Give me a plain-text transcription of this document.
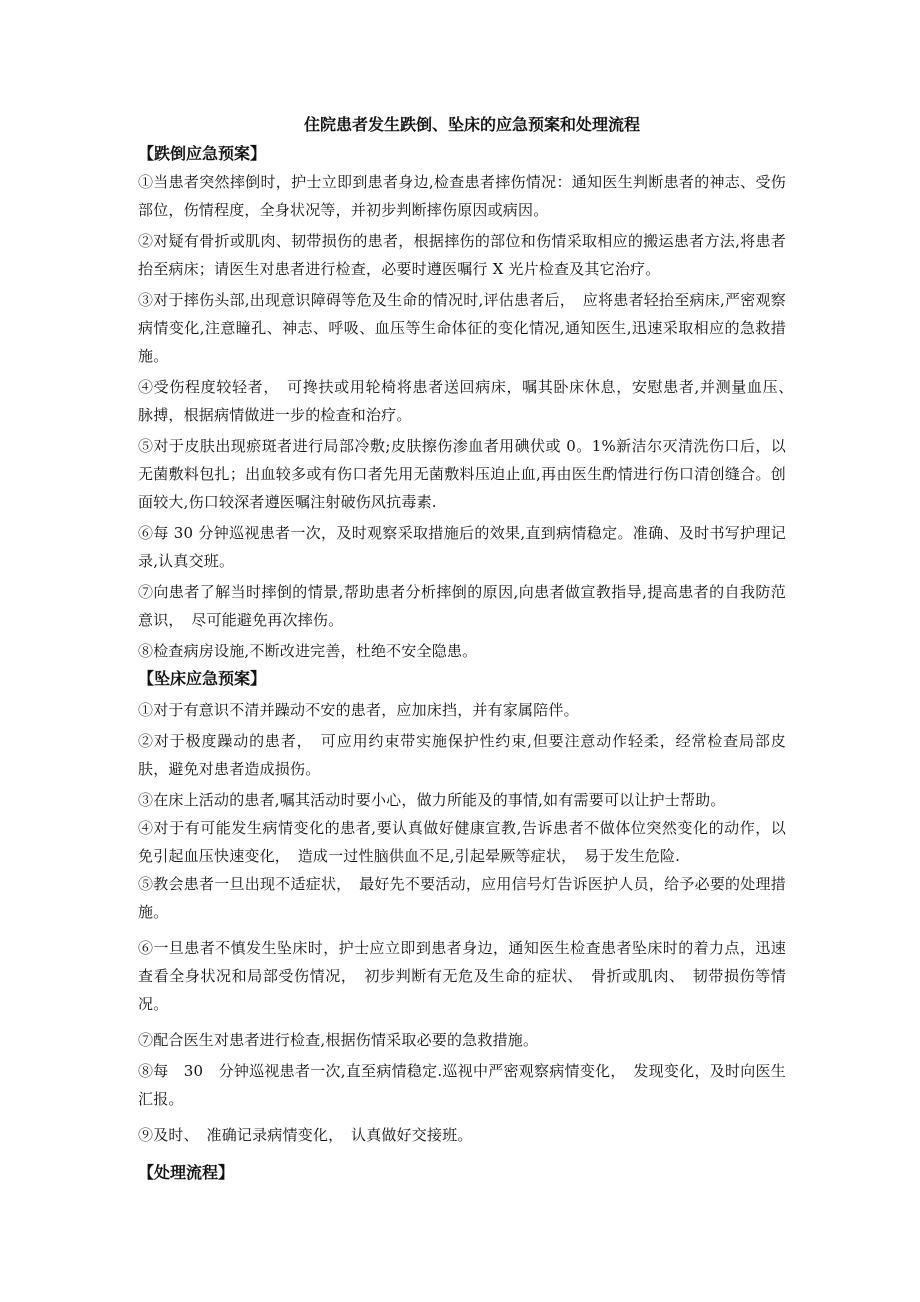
住院患者发生跌倒、坠床的应急预案和处理流程
【跌倒应急预案】

①当患者突然摔倒时，护士立即到患者身边,检查患者摔伤情况：通知医生判断患者的神志、受伤部位，伤情程度，全身状况等，并初步判断摔伤原因或病因。

②对疑有骨折或肌肉、韧带损伤的患者，根据摔伤的部位和伤情采取相应的搬运患者方法,将患者抬至病床；请医生对患者进行检查，必要时遵医嘱行 X 光片检查及其它治疗。

③对于摔伤头部,出现意识障碍等危及生命的情况时,评估患者后，　应将患者轻抬至病床,严密观察病情变化,注意瞳孔、神志、呼吸、血压等生命体征的变化情况,通知医生,迅速采取相应的急救措施。

④受伤程度较轻者，　可搀扶或用轮椅将患者送回病床，嘱其卧床休息，安慰患者,并测量血压、　脉搏，根据病情做进一步的检查和治疗。

⑤对于皮肤出现瘀斑者进行局部冷敷;皮肤擦伤渗血者用碘伏或 0。1%新洁尔灭清洗伤口后，以无菌敷料包扎；出血较多或有伤口者先用无菌敷料压迫止血,再由医生酌情进行伤口清创缝合。创面较大,伤口较深者遵医嘱注射破伤风抗毒素.

⑥每 30 分钟巡视患者一次，及时观察采取措施后的效果,直到病情稳定。准确、及时书写护理记录,认真交班。

⑦向患者了解当时摔倒的情景,帮助患者分析摔倒的原因,向患者做宣教指导,提高患者的自我防范意识，　尽可能避免再次摔伤。

⑧检查病房设施,不断改进完善，杜绝不安全隐患。

【坠床应急预案】

①对于有意识不清并躁动不安的患者，应加床挡，并有家属陪伴。

②对于极度躁动的患者，　可应用约束带实施保护性约束,但要注意动作轻柔，经常检查局部皮肤，避免对患者造成损伤。

③在床上活动的患者,嘱其活动时要小心，做力所能及的事情,如有需要可以让护士帮助。

④对于有可能发生病情变化的患者,要认真做好健康宣教,告诉患者不做体位突然变化的动作，以免引起血压快速变化，　造成一过性脑供血不足,引起晕厥等症状，　易于发生危险.

⑤教会患者一旦出现不适症状，　最好先不要活动，应用信号灯告诉医护人员，给予必要的处理措施。

⑥一旦患者不慎发生坠床时，护士应立即到患者身边，通知医生检查患者坠床时的着力点，迅速查看全身状况和局部受伤情况，　初步判断有无危及生命的症状、　骨折或肌肉、　韧带损伤等情况。

⑦配合医生对患者进行检查,根据伤情采取必要的急救措施。

⑧每　30　分钟巡视患者一次,直至病情稳定.巡视中严密观察病情变化，　发现变化，及时向医生汇报。

⑨及时、　准确记录病情变化，　认真做好交接班。

【处理流程】
